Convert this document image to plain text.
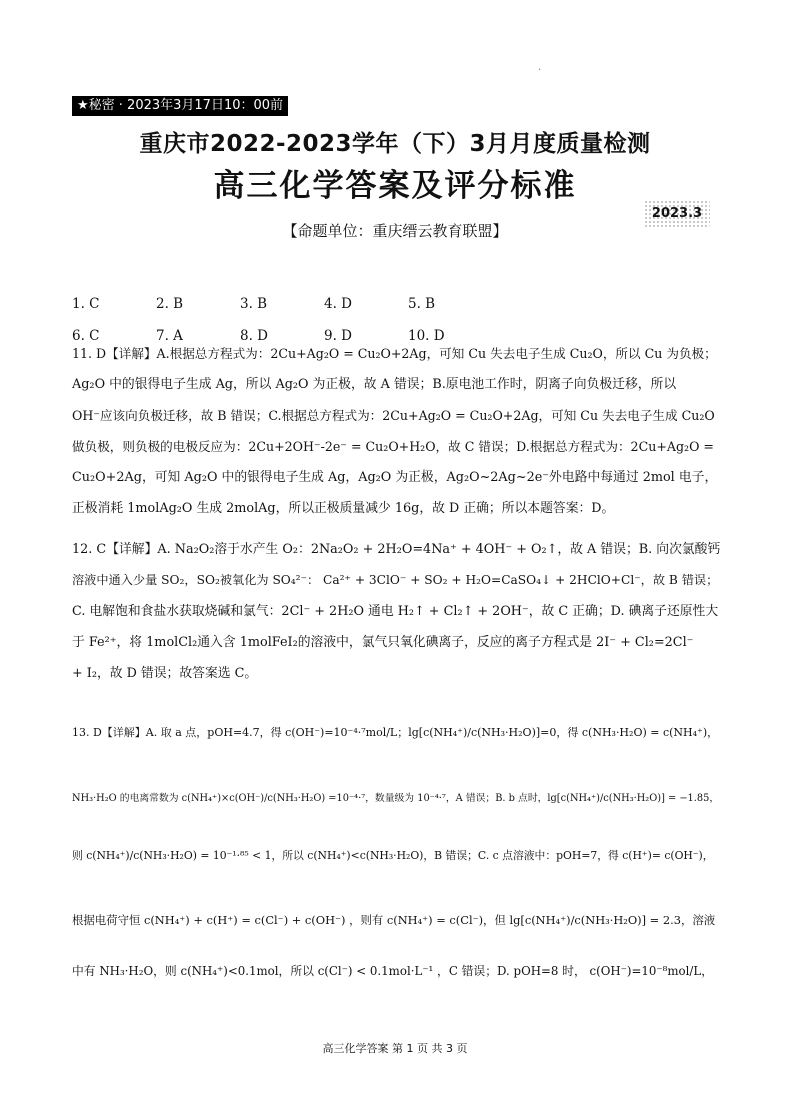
.
★秘密 · 2023年3月17日10：00前
重庆市2022-2023学年（下）3月月度质量检测
高三化学答案及评分标准
2023.3
【命题单位：重庆缙云教育联盟】
1. C	2. B	3. B	4. D	5. B
6. C	7. A	8. D	9. D	10. D
11. D【详解】A.根据总方程式为：2Cu+Ag₂O = Cu₂O+2Ag，可知 Cu 失去电子生成 Cu₂O，所以 Cu 为负极；
Ag₂O 中的银得电子生成 Ag，所以 Ag₂O 为正极，故 A 错误；B.原电池工作时，阴离子向负极迁移，所以
OH⁻应该向负极迁移，故 B 错误；C.根据总方程式为：2Cu+Ag₂O = Cu₂O+2Ag，可知 Cu 失去电子生成 Cu₂O
做负极，则负极的电极反应为：2Cu+2OH⁻-2e⁻ = Cu₂O+H₂O，故 C 错误；D.根据总方程式为：2Cu+Ag₂O =
Cu₂O+2Ag，可知 Ag₂O 中的银得电子生成 Ag，Ag₂O 为正极，Ag₂O~2Ag~2e⁻外电路中每通过 2mol 电子，
正极消耗 1molAg₂O 生成 2molAg，所以正极质量减少 16g，故 D 正确；所以本题答案：D。
12. C【详解】A. Na₂O₂溶于水产生 O₂：2Na₂O₂ + 2H₂O=4Na⁺ + 4OH⁻ + O₂↑，故 A 错误；B. 向次氯酸钙
溶液中通入少量 SO₂，SO₂被氧化为 SO₄²⁻： Ca²⁺ + 3ClO⁻ + SO₂ + H₂O=CaSO₄↓ + 2HClO+Cl⁻，故 B 错误；
C. 电解饱和食盐水获取烧碱和氯气：2Cl⁻ + 2H₂O 通电 H₂↑ + Cl₂↑ + 2OH⁻，故 C 正确；D. 碘离子还原性大
于 Fe²⁺，将 1molCl₂通入含 1molFeI₂的溶液中，氯气只氧化碘离子，反应的离子方程式是 2I⁻ + Cl₂=2Cl⁻
+ I₂，故 D 错误；故答案选 C。
13. D【详解】A. 取 a 点，pOH=4.7，得 c(OH⁻)=10⁻⁴·⁷mol/L；lg[c(NH₄⁺)/c(NH₃·H₂O)]=0，得 c(NH₃·H₂O) = c(NH₄⁺)，
NH₃·H₂O 的电离常数为 c(NH₄⁺)×c(OH⁻)/c(NH₃·H₂O) =10⁻⁴·⁷，数量级为 10⁻⁴·⁷，A 错误；B. b 点时，lg[c(NH₄⁺)/c(NH₃·H₂O)] = −1.85，
则 c(NH₄⁺)/c(NH₃·H₂O) = 10⁻¹·⁸⁵ < 1，所以 c(NH₄⁺)<c(NH₃·H₂O)，B 错误；C. c 点溶液中：pOH=7，得 c(H⁺)= c(OH⁻)，
根据电荷守恒 c(NH₄⁺) + c(H⁺) = c(Cl⁻) + c(OH⁻) ，则有 c(NH₄⁺) = c(Cl⁻)，但 lg[c(NH₄⁺)/c(NH₃·H₂O)] = 2.3，溶液
中有 NH₃·H₂O，则 c(NH₄⁺)<0.1mol，所以 c(Cl⁻) < 0.1mol·L⁻¹ ，C 错误；D. pOH=8 时， c(OH⁻)=10⁻⁸mol/L，
高三化学答案 第 1 页 共 3 页
